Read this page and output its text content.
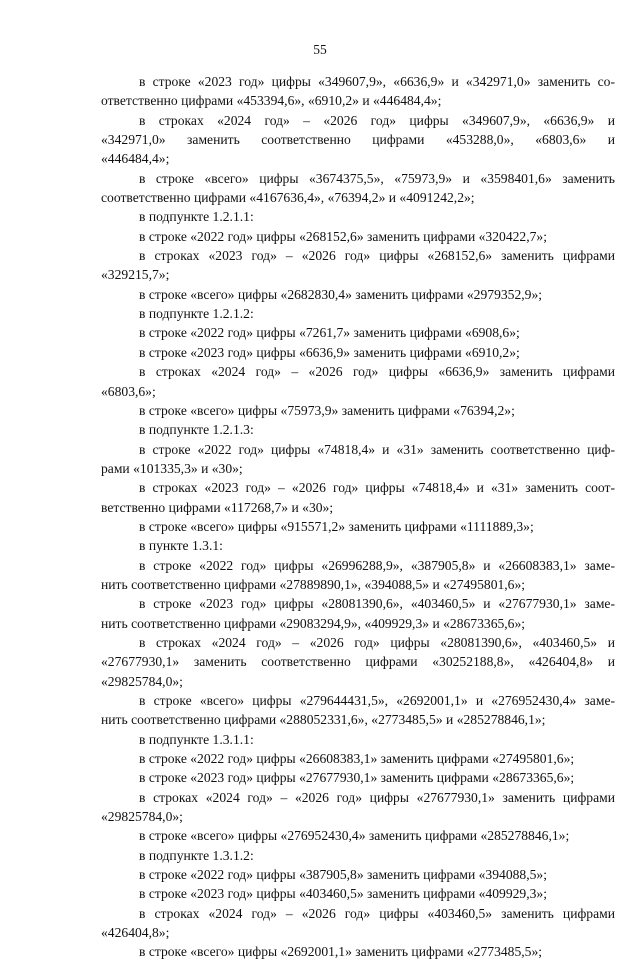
55
в строке «2023 год» цифры «349607,9», «6636,9» и «342971,0» заменить со-
ответственно цифрами «453394,6», «6910,2» и «446484,4»;
в строках «2024 год» – «2026 год» цифры «349607,9», «6636,9» и
«342971,0» заменить соответственно цифрами «453288,0», «6803,6» и
«446484,4»;
в строке «всего» цифры «3674375,5», «75973,9» и «3598401,6» заменить
соответственно цифрами «4167636,4», «76394,2» и «4091242,2»;
в подпункте 1.2.1.1:
в строке «2022 год» цифры «268152,6» заменить цифрами «320422,7»;
в строках «2023 год» – «2026 год» цифры «268152,6» заменить цифрами
«329215,7»;
в строке «всего» цифры «2682830,4» заменить цифрами «2979352,9»;
в подпункте 1.2.1.2:
в строке «2022 год» цифры «7261,7» заменить цифрами «6908,6»;
в строке «2023 год» цифры «6636,9» заменить цифрами «6910,2»;
в строках «2024 год» – «2026 год» цифры «6636,9» заменить цифрами
«6803,6»;
в строке «всего» цифры «75973,9» заменить цифрами «76394,2»;
в подпункте 1.2.1.3:
в строке «2022 год» цифры «74818,4» и «31» заменить соответственно циф-
рами «101335,3» и «30»;
в строках «2023 год» – «2026 год» цифры «74818,4» и «31» заменить соот-
ветственно цифрами «117268,7» и «30»;
в строке «всего» цифры «915571,2» заменить цифрами «1111889,3»;
в пункте 1.3.1:
в строке «2022 год» цифры «26996288,9», «387905,8» и «26608383,1» заме-
нить соответственно цифрами «27889890,1», «394088,5» и «27495801,6»;
в строке «2023 год» цифры «28081390,6», «403460,5» и «27677930,1» заме-
нить соответственно цифрами «29083294,9», «409929,3» и «28673365,6»;
в строках «2024 год» – «2026 год» цифры «28081390,6», «403460,5» и
«27677930,1» заменить соответственно цифрами «30252188,8», «426404,8» и
«29825784,0»;
в строке «всего» цифры «279644431,5», «2692001,1» и «276952430,4» заме-
нить соответственно цифрами «288052331,6», «2773485,5» и «285278846,1»;
в подпункте 1.3.1.1:
в строке «2022 год» цифры «26608383,1» заменить цифрами «27495801,6»;
в строке «2023 год» цифры «27677930,1» заменить цифрами «28673365,6»;
в строках «2024 год» – «2026 год» цифры «27677930,1» заменить цифрами
«29825784,0»;
в строке «всего» цифры «276952430,4» заменить цифрами «285278846,1»;
в подпункте 1.3.1.2:
в строке «2022 год» цифры «387905,8» заменить цифрами «394088,5»;
в строке «2023 год» цифры «403460,5» заменить цифрами «409929,3»;
в строках «2024 год» – «2026 год» цифры «403460,5» заменить цифрами
«426404,8»;
в строке «всего» цифры «2692001,1» заменить цифрами «2773485,5»;
